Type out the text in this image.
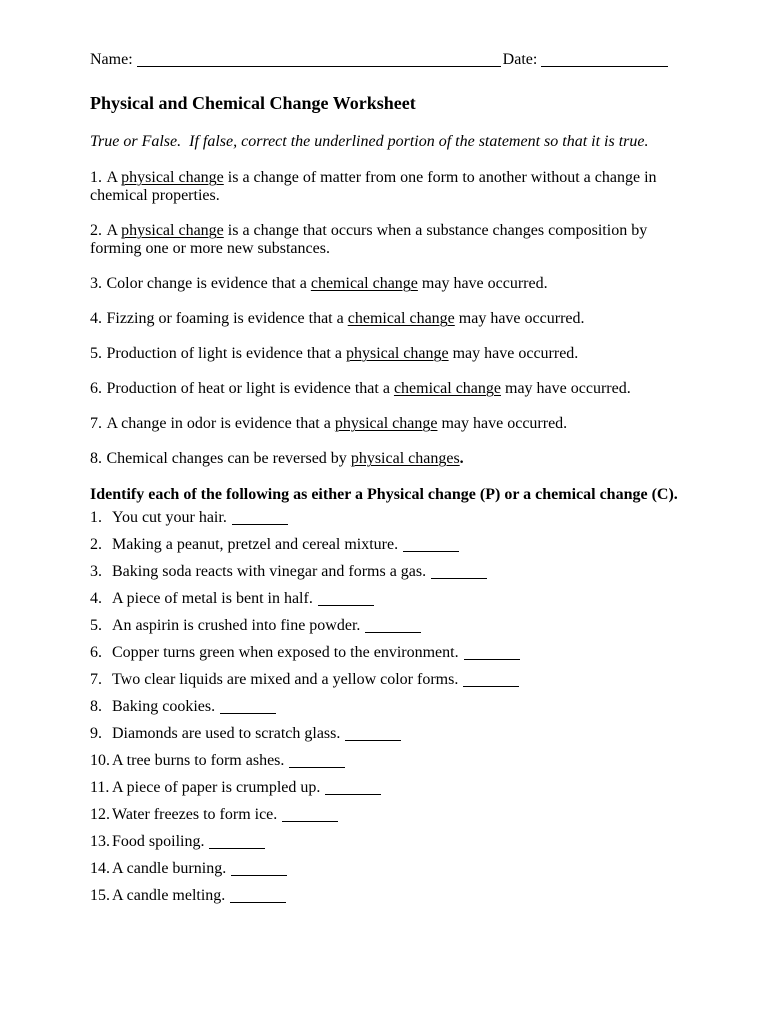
Name:	Date:
Physical and Chemical Change Worksheet

True or False.  If false, correct the underlined portion of the statement so that it is true.

1. A physical change is a change of matter from one form to another without a change in chemical properties.

2. A physical change is a change that occurs when a substance changes composition by forming one or more new substances.

3. Color change is evidence that a chemical change may have occurred.

4. Fizzing or foaming is evidence that a chemical change may have occurred.

5. Production of light is evidence that a physical change may have occurred.

6. Production of heat or light is evidence that a chemical change may have occurred.

7. A change in odor is evidence that a physical change may have occurred.

8. Chemical changes can be reversed by physical changes.

Identify each of the following as either a Physical change (P) or a chemical change (C).

1. You cut your hair.
2. Making a peanut, pretzel and cereal mixture.
3. Baking soda reacts with vinegar and forms a gas.
4. A piece of metal is bent in half.
5. An aspirin is crushed into fine powder.
6. Copper turns green when exposed to the environment.
7. Two clear liquids are mixed and a yellow color forms.
8. Baking cookies.
9. Diamonds are used to scratch glass.
10. A tree burns to form ashes.
11. A piece of paper is crumpled up.
12. Water freezes to form ice.
13. Food spoiling.
14. A candle burning.
15. A candle melting.
